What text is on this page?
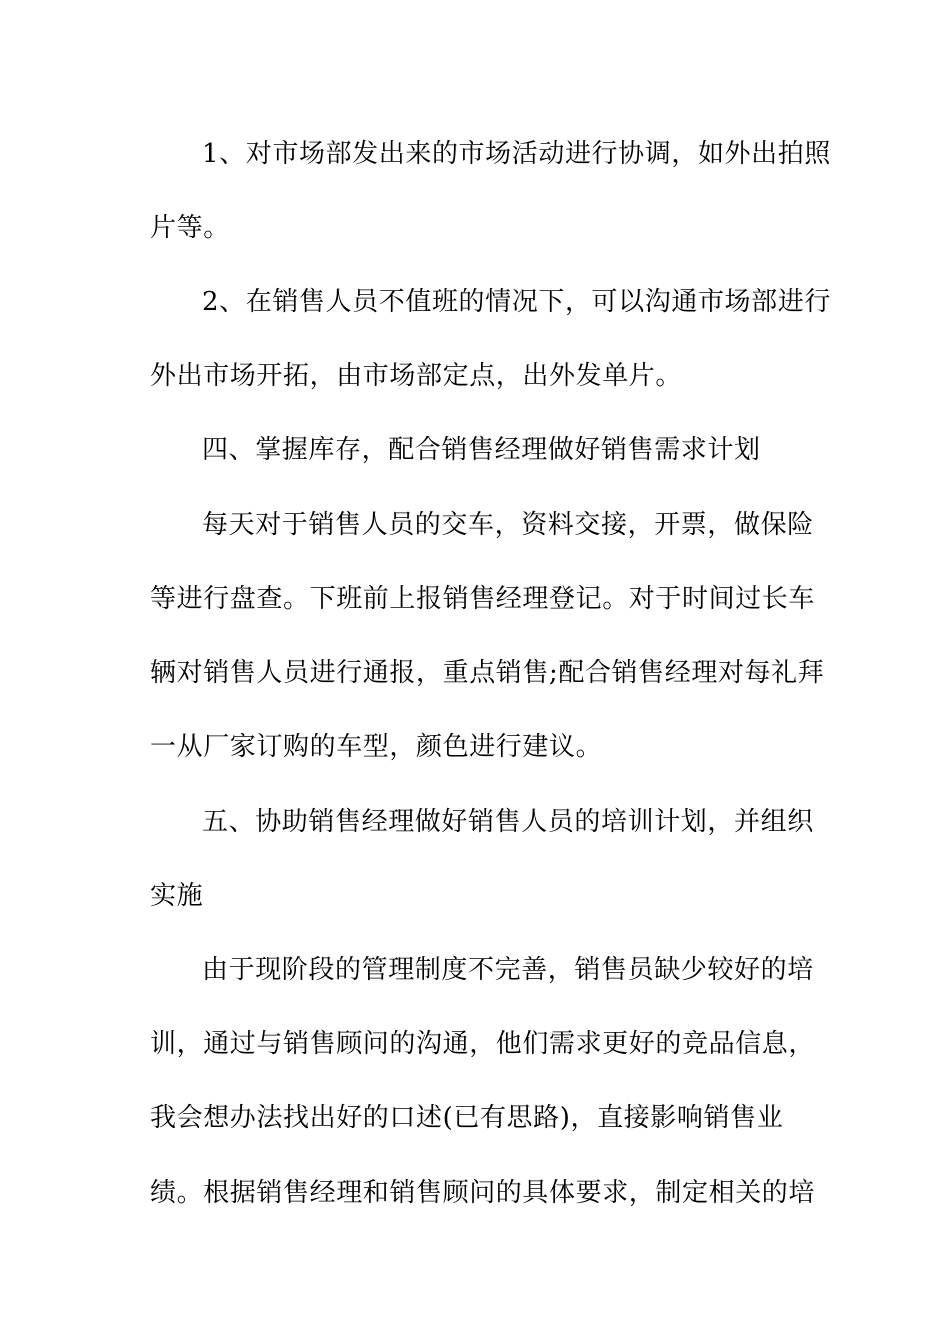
1、对市场部发出来的市场活动进行协调，如外出拍照
片等。
2、在销售人员不值班的情况下，可以沟通市场部进行
外出市场开拓，由市场部定点，出外发单片。
四、掌握库存，配合销售经理做好销售需求计划
每天对于销售人员的交车，资料交接，开票，做保险
等进行盘查。下班前上报销售经理登记。对于时间过长车
辆对销售人员进行通报，重点销售;配合销售经理对每礼拜
一从厂家订购的车型，颜色进行建议。
五、协助销售经理做好销售人员的培训计划，并组织
实施
由于现阶段的管理制度不完善，销售员缺少较好的培
训，通过与销售顾问的沟通，他们需求更好的竞品信息，
我会想办法找出好的口述(已有思路)，直接影响销售业
绩。根据销售经理和销售顾问的具体要求，制定相关的培
